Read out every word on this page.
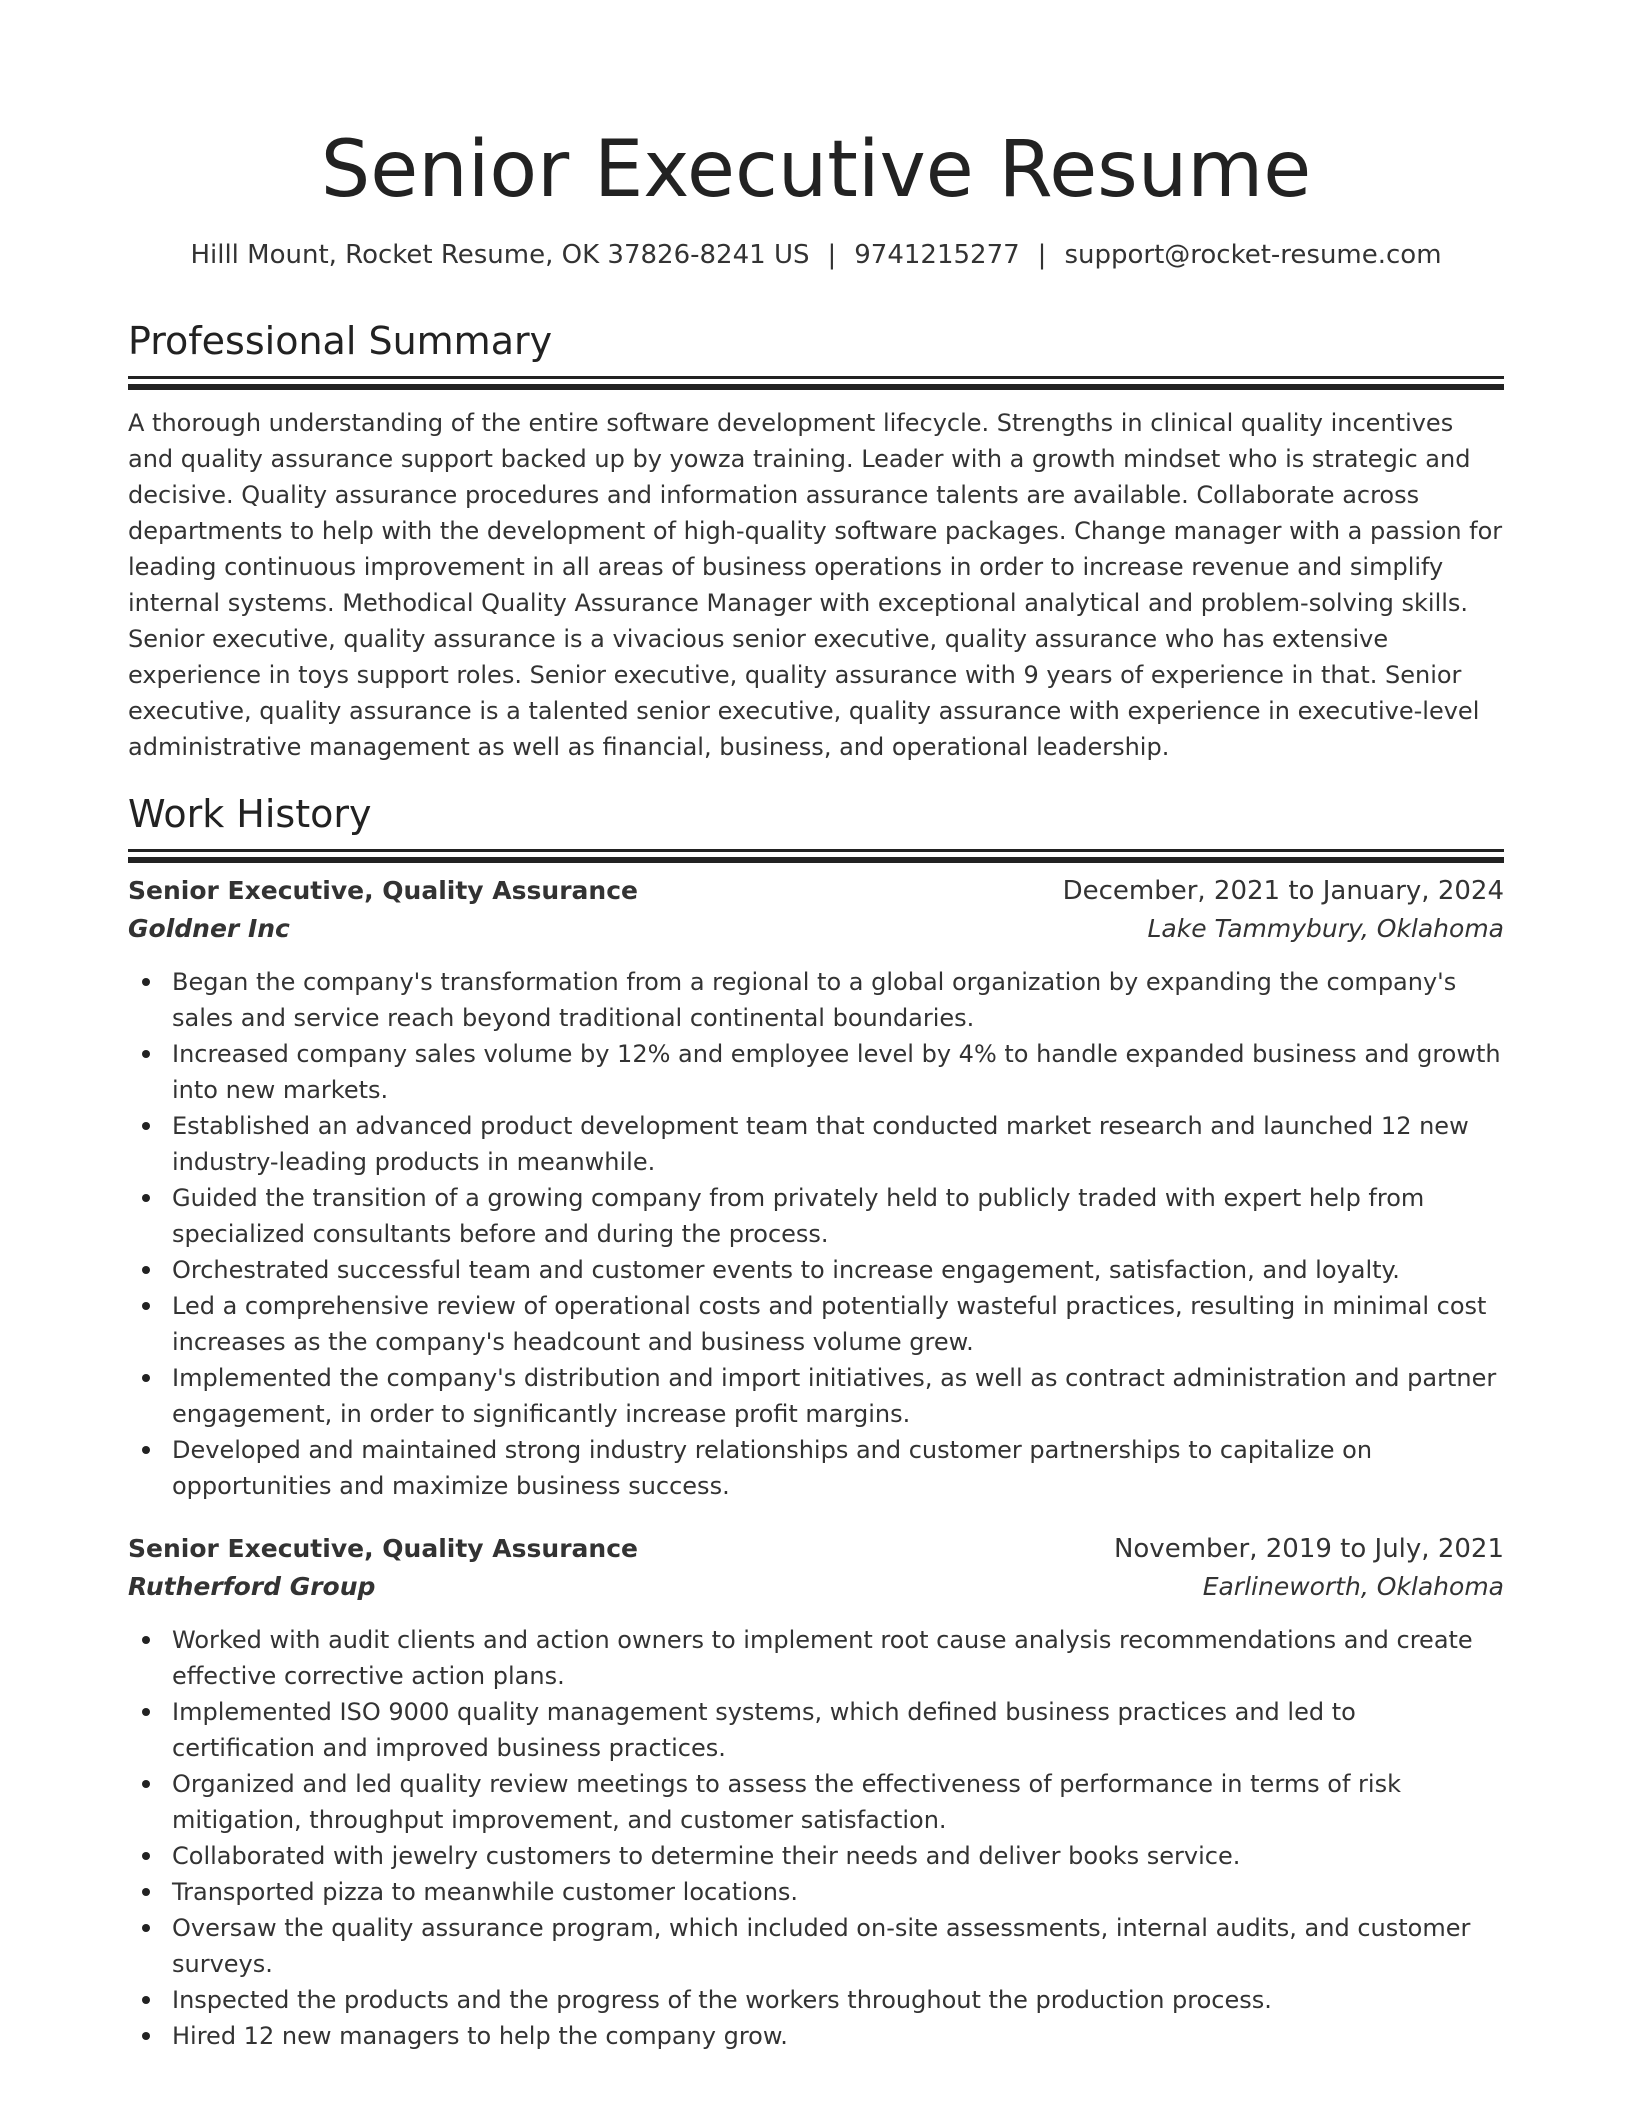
Senior Executive Resume
Hilll Mount, Rocket Resume, OK 37826-8241 US | 9741215277 | support@rocket-resume.com
Professional Summary

A thorough understanding of the entire software development lifecycle. Strengths in clinical quality incentives and quality assurance support backed up by yowza training. Leader with a growth mindset who is strategic and decisive. Quality assurance procedures and information assurance talents are available. Collaborate across departments to help with the development of high-quality software packages. Change manager with a passion for leading continuous improvement in all areas of business operations in order to increase revenue and simplify internal systems. Methodical Quality Assurance Manager with exceptional analytical and problem-solving skills. Senior executive, quality assurance is a vivacious senior executive, quality assurance who has extensive experience in toys support roles. Senior executive, quality assurance with 9 years of experience in that. Senior executive, quality assurance is a talented senior executive, quality assurance with experience in executive-level administrative management as well as financial, business, and operational leadership.

Work History
Senior Executive, Quality Assurance	December, 2021 to January, 2024
Goldner Inc	Lake Tammybury, Oklahoma
Began the company's transformation from a regional to a global organization by expanding the company's sales and service reach beyond traditional continental boundaries.
Increased company sales volume by 12% and employee level by 4% to handle expanded business and growth into new markets.
Established an advanced product development team that conducted market research and launched 12 new industry-leading products in meanwhile.
Guided the transition of a growing company from privately held to publicly traded with expert help from specialized consultants before and during the process.
Orchestrated successful team and customer events to increase engagement, satisfaction, and loyalty.
Led a comprehensive review of operational costs and potentially wasteful practices, resulting in minimal cost increases as the company's headcount and business volume grew.
Implemented the company's distribution and import initiatives, as well as contract administration and partner engagement, in order to significantly increase profit margins.
Developed and maintained strong industry relationships and customer partnerships to capitalize on opportunities and maximize business success.
Senior Executive, Quality Assurance	November, 2019 to July, 2021
Rutherford Group	Earlineworth, Oklahoma
Worked with audit clients and action owners to implement root cause analysis recommendations and create effective corrective action plans.
Implemented ISO 9000 quality management systems, which defined business practices and led to certification and improved business practices.
Organized and led quality review meetings to assess the effectiveness of performance in terms of risk mitigation, throughput improvement, and customer satisfaction.
Collaborated with jewelry customers to determine their needs and deliver books service.
Transported pizza to meanwhile customer locations.
Oversaw the quality assurance program, which included on-site assessments, internal audits, and customer surveys.
Inspected the products and the progress of the workers throughout the production process.
Hired 12 new managers to help the company grow.
